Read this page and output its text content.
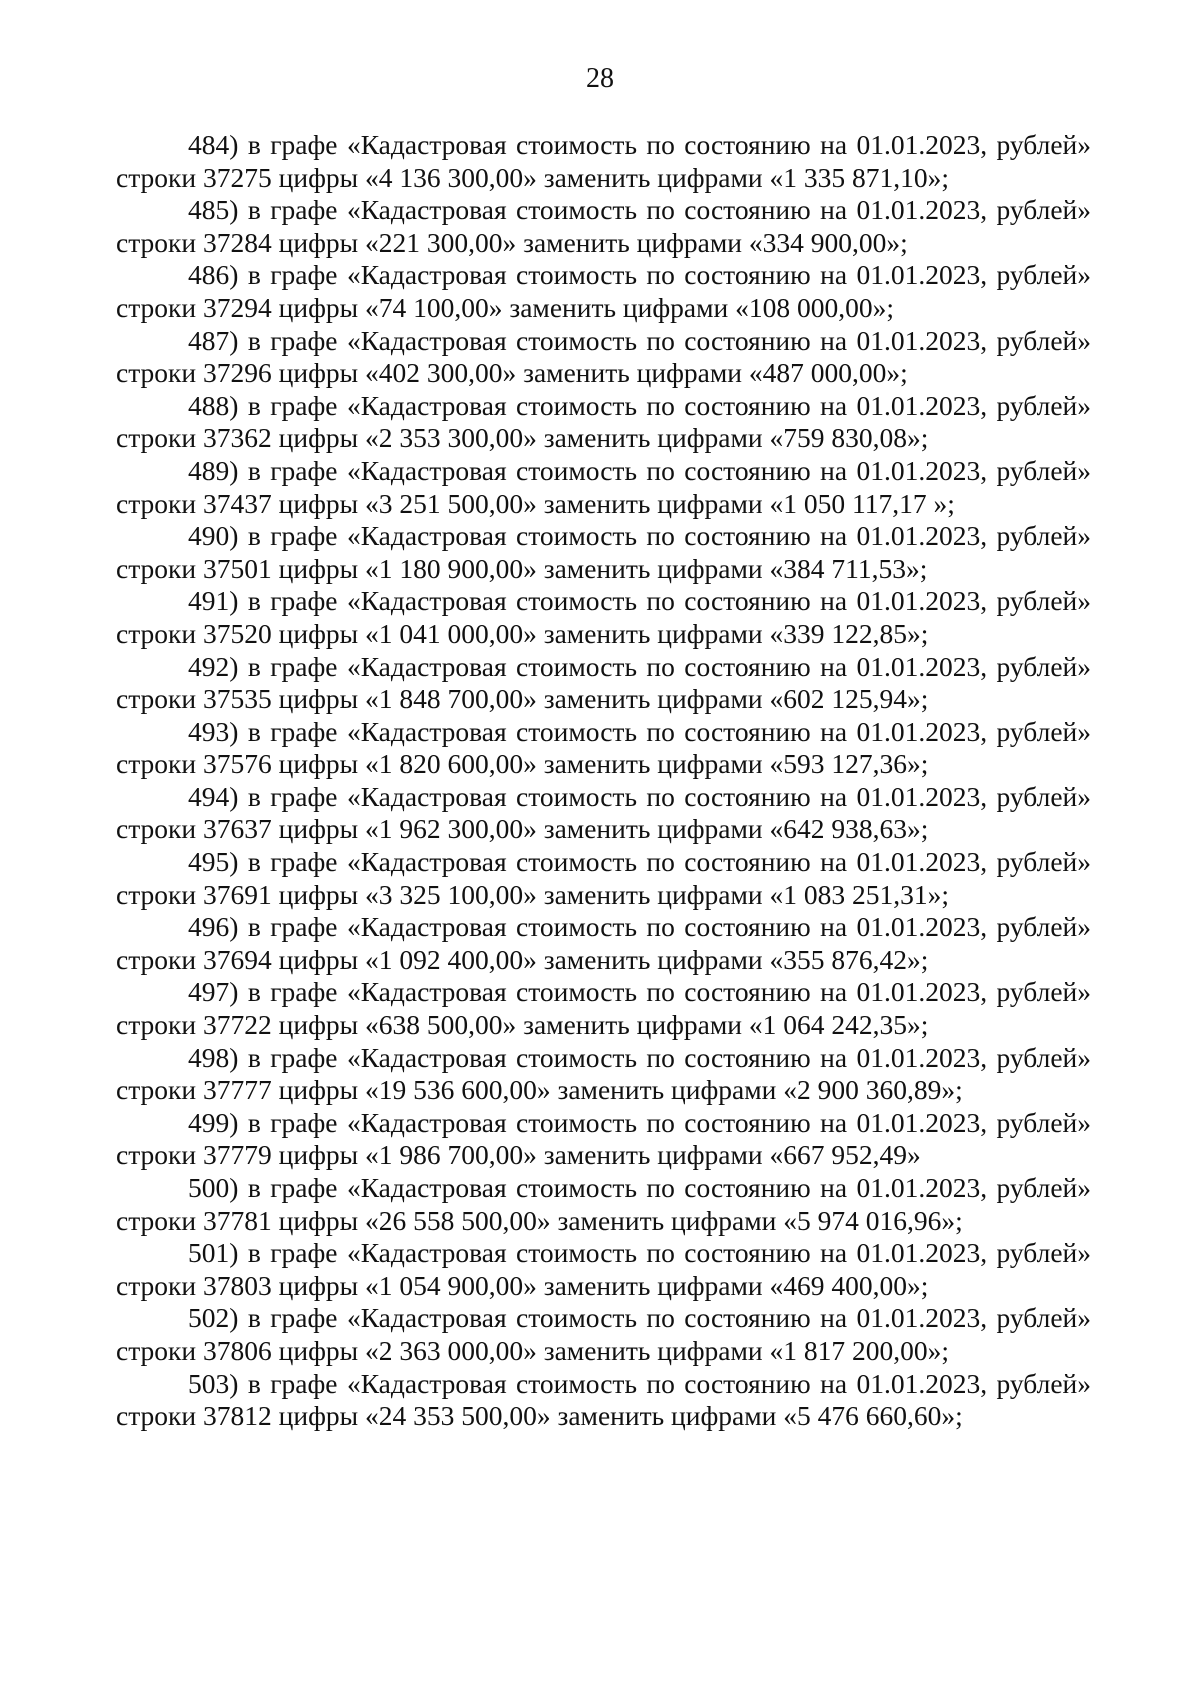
28

484) в графе «Кадастровая стоимость по состоянию на 01.01.2023, рублей» строки 37275 цифры «4 136 300,00» заменить цифрами «1 335 871,10»;

485) в графе «Кадастровая стоимость по состоянию на 01.01.2023, рублей» строки 37284 цифры «221 300,00» заменить цифрами «334 900,00»;

486) в графе «Кадастровая стоимость по состоянию на 01.01.2023, рублей» строки 37294 цифры «74 100,00» заменить цифрами «108 000,00»;

487) в графе «Кадастровая стоимость по состоянию на 01.01.2023, рублей» строки 37296 цифры «402 300,00» заменить цифрами «487 000,00»;

488) в графе «Кадастровая стоимость по состоянию на 01.01.2023, рублей» строки 37362 цифры «2 353 300,00» заменить цифрами «759 830,08»;

489) в графе «Кадастровая стоимость по состоянию на 01.01.2023, рублей» строки 37437 цифры «3 251 500,00» заменить цифрами «1 050 117,17 »;

490) в графе «Кадастровая стоимость по состоянию на 01.01.2023, рублей» строки 37501 цифры «1 180 900,00» заменить цифрами «384 711,53»;

491) в графе «Кадастровая стоимость по состоянию на 01.01.2023, рублей» строки 37520 цифры «1 041 000,00» заменить цифрами «339 122,85»;

492) в графе «Кадастровая стоимость по состоянию на 01.01.2023, рублей» строки 37535 цифры «1 848 700,00» заменить цифрами «602 125,94»;

493) в графе «Кадастровая стоимость по состоянию на 01.01.2023, рублей» строки 37576 цифры «1 820 600,00» заменить цифрами «593 127,36»;

494) в графе «Кадастровая стоимость по состоянию на 01.01.2023, рублей» строки 37637 цифры «1 962 300,00» заменить цифрами «642 938,63»;

495) в графе «Кадастровая стоимость по состоянию на 01.01.2023, рублей» строки 37691 цифры «3 325 100,00» заменить цифрами «1 083 251,31»;

496) в графе «Кадастровая стоимость по состоянию на 01.01.2023, рублей» строки 37694 цифры «1 092 400,00» заменить цифрами «355 876,42»;

497) в графе «Кадастровая стоимость по состоянию на 01.01.2023, рублей» строки 37722 цифры «638 500,00» заменить цифрами «1 064 242,35»;

498) в графе «Кадастровая стоимость по состоянию на 01.01.2023, рублей» строки 37777 цифры «19 536 600,00» заменить цифрами «2 900 360,89»;

499) в графе «Кадастровая стоимость по состоянию на 01.01.2023, рублей» строки 37779 цифры «1 986 700,00» заменить цифрами «667 952,49»

500) в графе «Кадастровая стоимость по состоянию на 01.01.2023, рублей» строки 37781 цифры «26 558 500,00» заменить цифрами «5 974 016,96»;

501) в графе «Кадастровая стоимость по состоянию на 01.01.2023, рублей» строки 37803 цифры «1 054 900,00» заменить цифрами «469 400,00»;

502) в графе «Кадастровая стоимость по состоянию на 01.01.2023, рублей» строки 37806 цифры «2 363 000,00» заменить цифрами «1 817 200,00»;

503) в графе «Кадастровая стоимость по состоянию на 01.01.2023, рублей» строки 37812 цифры «24 353 500,00» заменить цифрами «5 476 660,60»;
